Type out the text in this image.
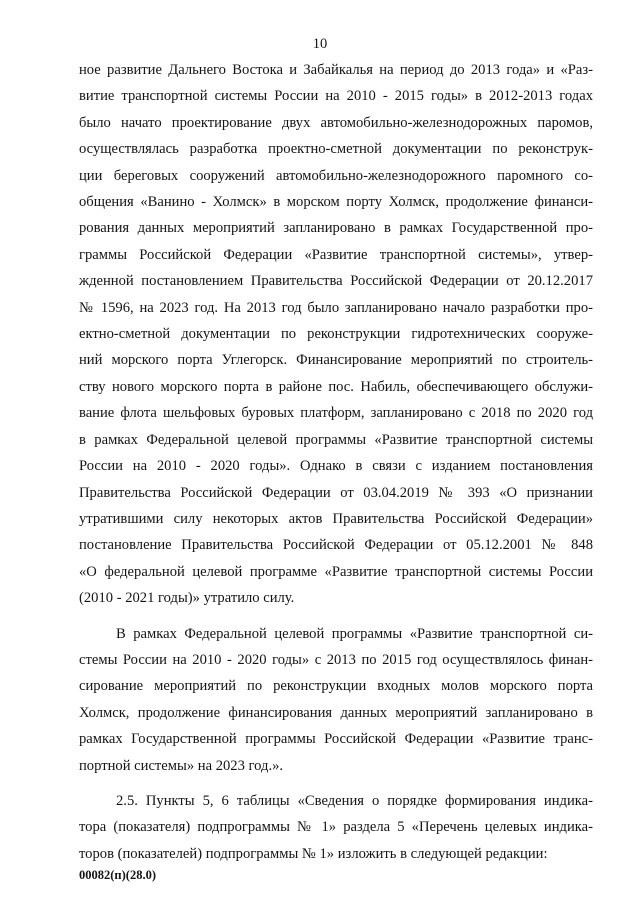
10
ное развитие Дальнего Востока и Забайкалья на период до 2013 года» и «Раз-
витие транспортной системы России на 2010 - 2015 годы» в 2012-2013 годах
было начато проектирование двух автомобильно-железнодорожных паромов,
осуществлялась разработка проектно-сметной документации по реконструк-
ции береговых сооружений автомобильно-железнодорожного паромного со-
общения «Ванино - Холмск» в морском порту Холмск, продолжение финанси-
рования данных мероприятий запланировано в рамках Государственной про-
граммы Российской Федерации «Развитие транспортной системы», утвер-
жденной постановлением Правительства Российской Федерации от 20.12.2017
№ 1596, на 2023 год. На 2013 год было запланировано начало разработки про-
ектно-сметной документации по реконструкции гидротехнических сооруже-
ний морского порта Углегорск. Финансирование мероприятий по строитель-
ству нового морского порта в районе пос. Набиль, обеспечивающего обслужи-
вание флота шельфовых буровых платформ, запланировано с 2018 по 2020 год
в рамках Федеральной целевой программы «Развитие транспортной системы
России на 2010 - 2020 годы». Однако в связи с изданием постановления
Правительства Российской Федерации от 03.04.2019 № 393 «О признании
утратившими силу некоторых актов Правительства Российской Федерации»
постановление Правительства Российской Федерации от 05.12.2001 № 848
«О федеральной целевой программе «Развитие транспортной системы России
(2010 - 2021 годы)» утратило силу.
В рамках Федеральной целевой программы «Развитие транспортной си-
стемы России на 2010 - 2020 годы» с 2013 по 2015 год осуществлялось финан-
сирование мероприятий по реконструкции входных молов морского порта
Холмск, продолжение финансирования данных мероприятий запланировано в
рамках Государственной программы Российской Федерации «Развитие транс-
портной системы» на 2023 год.».
2.5. Пункты 5, 6 таблицы «Сведения о порядке формирования индика-
тора (показателя) подпрограммы № 1» раздела 5 «Перечень целевых индика-
торов (показателей) подпрограммы № 1» изложить в следующей редакции:
00082(п)(28.0)
